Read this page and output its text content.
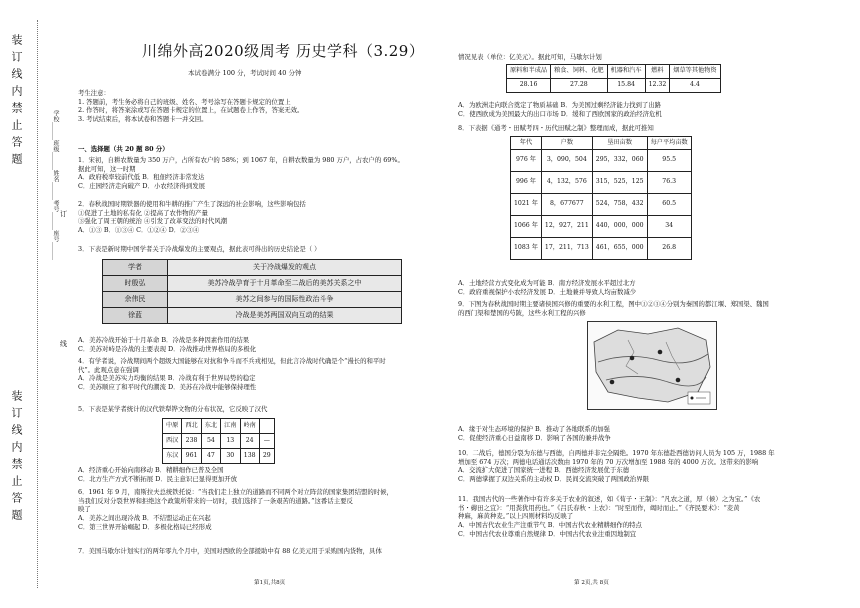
装订线内禁止答题
装订线内禁止答题
学校______班级______姓名______考号______座号______
线
订
川绵外高2020级周考 历史学科（3.29）
本试卷满分 100 分，考试时间 40 分钟
考生注意：
1. 答题前，考生务必将自己的班级、姓名、考号涂写在答题卡规定的位置上
2. 作答时，将答案涂或写在答题卡规定的位置上，在试题卷上作答，答案无效。
3. 考试结束后，将本试卷和答题卡一并交回。
一、选择题（共 20 题 80 分）
1．宋初，自耕农数量为 350 万户，占所有农户的 58%；到 1067 年，自耕农数量为 980 万户，占农户的 69%。
据此可知，这一时期
A．政府税率较前代低 B．租佃经济非常发达
C．庄园经济走向破产 D．小农经济得到发展
2．春秋战国时期铁器的使用和牛耕的推广产生了深远的社会影响，这些影响包括
①促进了土地的私有化 ②提高了农作物的产量
③强化了周王朝的统治 ④引发了改革变法的时代风潮
A．①③ B．①③④ C．①②④ D．②③④
3．下表是新时期中国学者关于冷战爆发的主要观点，据此表可得出的历史结论是（ ）
学者	关于冷战爆发的观点
时殷弘	美苏冷战孕育于十月革命至二战后的美苏关系之中
余伟民	美苏之间参与的国际性政治斗争
徐蓝	冷战是美苏两国双向互动的结果
A．美苏冷战开始于十月革命 B．冷战是多种因素作用的结果
C．美苏对峙是冷战的主要表现 D．冷战推动世界格局的多极化
4．有学者说，冷战期间两个超级大国能够在对抗和争斗而不兵戎相见，但此言冷战时代确是个“漫长的和平时
代”。此观点意在强调
A．冷战是美苏实力均衡的结果 B．冷战有利于世界局势的稳定
C．美苏顺应了和平时代的潮流 D．美苏在冷战中能够保持理性
5．下表是某学者统计的汉代铁犁铧文物的分布状况，它反映了汉代
中原	西北	东北	江南	岭南	
西汉	238	54	13	24	—
东汉	961	47	30	138	29
A．经济重心开始向南移动 B．精耕细作已普及全国
C．北方生产方式不断拓展 D．民主意识已显得更加开放
6．1961 年 9 月，南斯拉夫总统铁托说：“当我们走上独立的道路而不同两个对立阵营的国家集团结盟的时候，
当我们反对分裂世界和拒绝这个政策所带来的一切时，我们选择了一条艰苦的道路。”这番话主要反
映了
A．美苏之间出现冷战 B．不结盟运动正在兴起
C．第三世界开始崛起 D．多极化格局已经形成
7．美国马歇尔计划实行的两年零九个月中，美国对西欧的全部援助中有 88 亿美元用于采购国内货物，具体
第1页,共8页
情况见表（单位：亿美元）。据此可知，马歇尔计划
原料和半成品	粮食、饲料、化肥	机器和汽车	燃料	烟草等其他物资
28.16	27.28	15.84	12.32	4.4
A．为欧洲走向联合奠定了物质基础 B．为美国过剩经济能力找到了出路
C．使西欧成为美国最大的出口市场 D．缓和了西欧国家的政治经济危机
8．下表据《通考・田赋考四・历代田赋之制》整理而成，据此可推知
年代	户数	垦田亩数	每户平均亩数
976 年	3，090，504	295，332，060	95.5
996 年	4，132，576	315，525，125	76.3
1021 年	8，677677	524，758，432	60.5
1066 年	12，927，211	440，000，000	34
1083 年	17，211，713	461，655，000	26.8
A．土地经营方式变化成为可能 B．南方经济发展水平超过北方
C．政府重视保护小农经济发展 D．土地兼并导致人均亩数减少
9．下图为春秋战国时期主要诸侯国兴修的重要的水利工程，图中①②③④分别为秦国的都江堰、郑国渠、魏国
的西门渠和楚国的芍陂，这些水利工程的兴修
A．缘于对生态环境的保护 B．推动了各地联系的加强
C．促使经济重心日益南移 D．影响了各国的兼并战争
10．二战后，德国分裂为东德与西德，自两德并非完全隔绝。1970 年东德赴西德访问人员为 105 万，1988 年
增加至 674 万次；两德电话通话次数由 1970 年的 70 万次增加至 1988 年的 4000 万次。这带来的影响
A．交流扩大促进了国家统一进程 B．西德经济发展优于东德
C．两德掌握了双边关系的主动权 D．民间交流突破了两国政治界限
11．我国古代的一些著作中有许多关于农业的叙述，如《荀子・王制》：“凡农之道，厚（候）之为宝。”《农
书・薅田之宜》：“用粪犹用药也。”《吕氏春秋・上农》：“时至而作，竭时而止。”《齐民要术》：“麦黄
种麻，麻黄种麦。”以上四则材料均反映了
A．中国古代农业生产注重节气 B．中国古代农业精耕细作的特点
C．中国古代农业尊重自然规律 D．中国古代农业注重因地制宜
第 2页,共 8页
